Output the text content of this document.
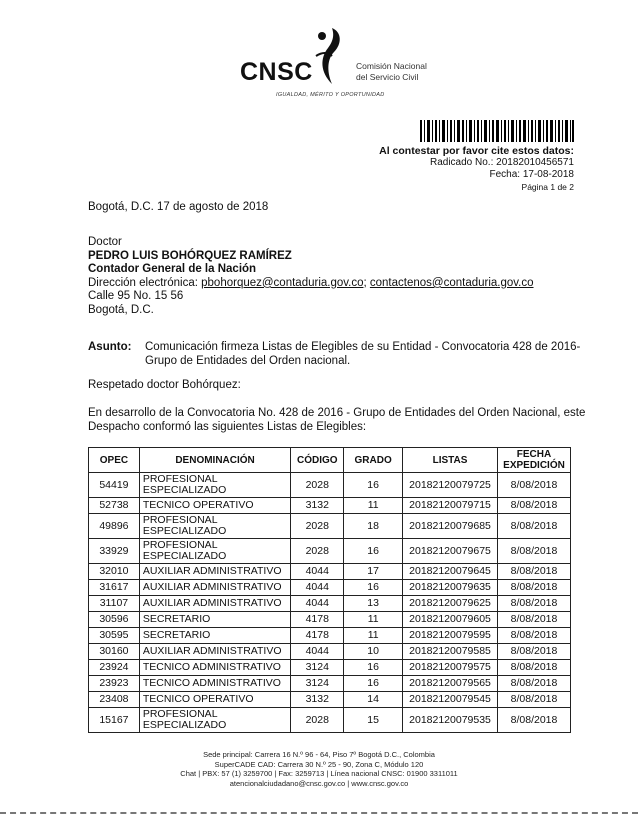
CNSC	Comisión Nacional
del Servicio Civil
IGUALDAD, MÉRITO Y OPORTUNIDAD
Al contestar por favor cite estos datos:
Radicado No.: 20182010456571
Fecha: 17-08-2018
Página 1 de 2
Bogotá, D.C. 17 de agosto de 2018
Doctor
PEDRO LUIS BOHÓRQUEZ RAMÍREZ
Contador General de la Nación
Dirección electrónica: pbohorquez@contaduria.gov.co; contactenos@contaduria.gov.co
Calle 95 No. 15 56
Bogotá, D.C.
Asunto: Comunicación firmeza Listas de Elegibles de su Entidad - Convocatoria 428 de 2016-
Grupo de Entidades del Orden nacional.
Respetado doctor Bohórquez:
En desarrollo de la Convocatoria No. 428 de 2016 - Grupo de Entidades del Orden Nacional, este
Despacho conformó las siguientes Listas de Elegibles:
OPEC	DENOMINACIÓN	CÓDIGO	GRADO	LISTAS	FECHA EXPEDICIÓN
54419	PROFESIONAL ESPECIALIZADO	2028	16	20182120079725	8/08/2018
52738	TECNICO OPERATIVO	3132	11	20182120079715	8/08/2018
49896	PROFESIONAL ESPECIALIZADO	2028	18	20182120079685	8/08/2018
33929	PROFESIONAL ESPECIALIZADO	2028	16	20182120079675	8/08/2018
32010	AUXILIAR ADMINISTRATIVO	4044	17	20182120079645	8/08/2018
31617	AUXILIAR ADMINISTRATIVO	4044	16	20182120079635	8/08/2018
31107	AUXILIAR ADMINISTRATIVO	4044	13	20182120079625	8/08/2018
30596	SECRETARIO	4178	11	20182120079605	8/08/2018
30595	SECRETARIO	4178	11	20182120079595	8/08/2018
30160	AUXILIAR ADMINISTRATIVO	4044	10	20182120079585	8/08/2018
23924	TECNICO ADMINISTRATIVO	3124	16	20182120079575	8/08/2018
23923	TECNICO ADMINISTRATIVO	3124	16	20182120079565	8/08/2018
23408	TECNICO OPERATIVO	3132	14	20182120079545	8/08/2018
15167	PROFESIONAL ESPECIALIZADO	2028	15	20182120079535	8/08/2018
Sede principal: Carrera 16 N.º 96 - 64, Piso 7º Bogotá D.C., Colombia
SuperCADE CAD: Carrera 30 N.º 25 - 90, Zona C, Módulo 120
Chat | PBX: 57 (1) 3259700 | Fax: 3259713 | Línea nacional CNSC: 01900 3311011
atencionalciudadano@cnsc.gov.co | www.cnsc.gov.co
